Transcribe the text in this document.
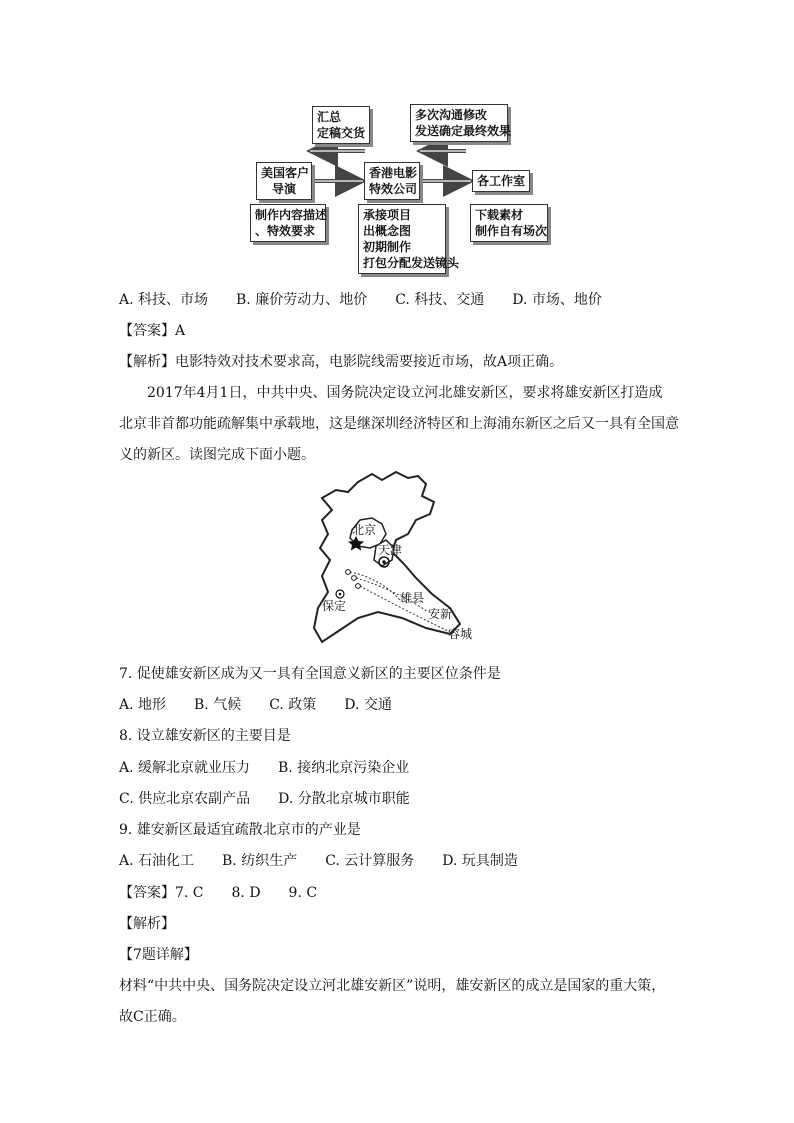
汇总
定稿交货
多次沟通修改
发送确定最终效果
美国客户
导演
香港电影
特效公司
各工作室
制作内容描述
、特效要求
承接项目
出概念图
初期制作
打包分配发送镜头
下载素材
制作自有场次
A. 科技、市场　　B. 廉价劳动力、地价　　C. 科技、交通　　D. 市场、地价
【答案】A
【解析】电影特效对技术要求高，电影院线需要接近市场，故A项正确。
2017年4月1日，中共中央、国务院决定设立河北雄安新区，要求将雄安新区打造成
北京非首都功能疏解集中承载地，这是继深圳经济特区和上海浦东新区之后又一具有全国意
义的新区。读图完成下面小题。
北京
天津
保定
雄县
安新
容城
7. 促使雄安新区成为又一具有全国意义新区的主要区位条件是
A. 地形　　B. 气候　　C. 政策　　D. 交通
8. 设立雄安新区的主要目是
A. 缓解北京就业压力　　B. 接纳北京污染企业
C. 供应北京农副产品　　D. 分散北京城市职能
9. 雄安新区最适宜疏散北京市的产业是
A. 石油化工　　B. 纺织生产　　C. 云计算服务　　D. 玩具制造
【答案】7. C　　8. D　　9. C
【解析】
【7题详解】
材料“中共中央、国务院决定设立河北雄安新区”说明，雄安新区的成立是国家的重大策，
故C正确。
